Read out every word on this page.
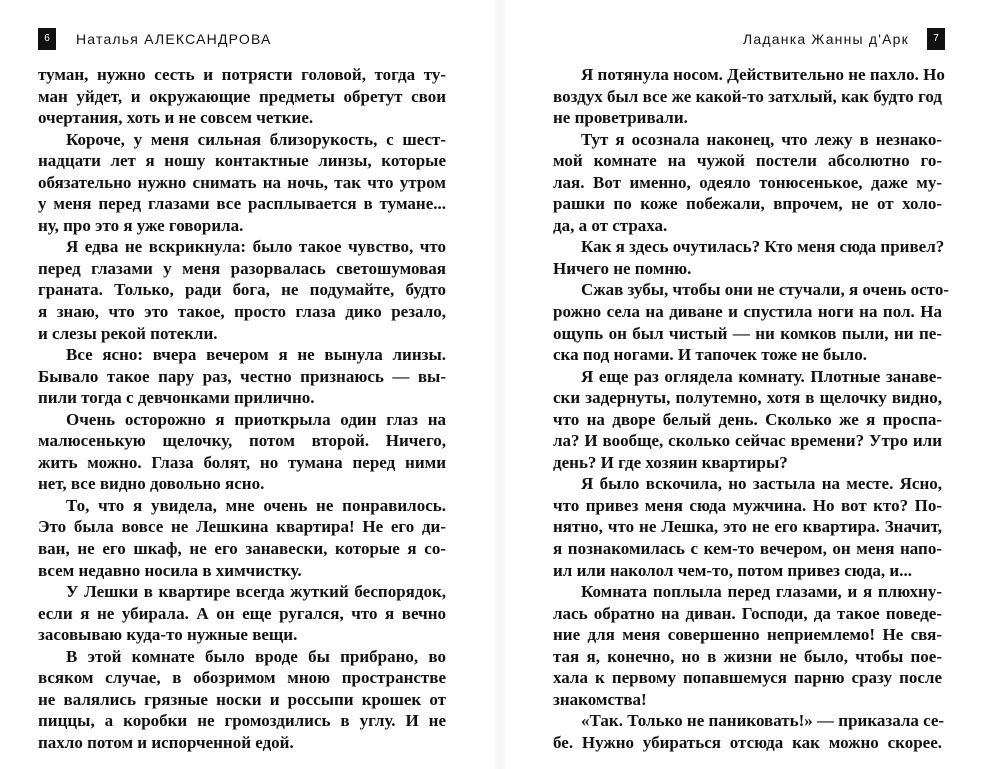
6	Наталья АЛЕКСАНДРОВА	Ладанка Жанны д'Арк	7
туман, нужно сесть и потрясти головой, тогда ту-
ман уйдет, и окружающие предметы обретут свои
очертания, хоть и не совсем четкие.
Короче, у меня сильная близорукость, с шест-
надцати лет я ношу контактные линзы, которые
обязательно нужно снимать на ночь, так что утром
у меня перед глазами все расплывается в тумане...
ну, про это я уже говорила.
Я едва не вскрикнула: было такое чувство, что
перед глазами у меня разорвалась светошумовая
граната. Только, ради бога, не подумайте, будто
я знаю, что это такое, просто глаза дико резало,
и слезы рекой потекли.
Все ясно: вчера вечером я не вынула линзы.
Бывало такое пару раз, честно признаюсь — вы-
пили тогда с девчонками прилично.
Очень осторожно я приоткрыла один глаз на
малюсенькую щелочку, потом второй. Ничего,
жить можно. Глаза болят, но тумана перед ними
нет, все видно довольно ясно.
То, что я увидела, мне очень не понравилось.
Это была вовсе не Лешкина квартира! Не его ди-
ван, не его шкаф, не его занавески, которые я со-
всем недавно носила в химчистку.
У Лешки в квартире всегда жуткий беспорядок,
если я не убирала. А он еще ругался, что я вечно
засовываю куда-то нужные вещи.
В этой комнате было вроде бы прибрано, во
всяком случае, в обозримом мною пространстве
не валялись грязные носки и россыпи крошек от
пиццы, а коробки не громоздились в углу. И не
пахло потом и испорченной едой.
Я потянула носом. Действительно не пахло. Но
воздух был все же какой-то затхлый, как будто год
не проветривали.
Тут я осознала наконец, что лежу в незнако-
мой комнате на чужой постели абсолютно го-
лая. Вот именно, одеяло тонюсенькое, даже му-
рашки по коже побежали, впрочем, не от холо-
да, а от страха.
Как я здесь очутилась? Кто меня сюда привел?
Ничего не помню.
Сжав зубы, чтобы они не стучали, я очень осто-
рожно села на диване и спустила ноги на пол. На
ощупь он был чистый — ни комков пыли, ни пе-
ска под ногами. И тапочек тоже не было.
Я еще раз оглядела комнату. Плотные занаве-
ски задернуты, полутемно, хотя в щелочку видно,
что на дворе белый день. Сколько же я проспа-
ла? И вообще, сколько сейчас времени? Утро или
день? И где хозяин квартиры?
Я было вскочила, но застыла на месте. Ясно,
что привез меня сюда мужчина. Но вот кто? По-
нятно, что не Лешка, это не его квартира. Значит,
я познакомилась с кем-то вечером, он меня напо-
ил или наколол чем-то, потом привез сюда, и...
Комната поплыла перед глазами, и я плюхну-
лась обратно на диван. Господи, да такое поведе-
ние для меня совершенно неприемлемо! Не свя-
тая я, конечно, но в жизни не было, чтобы пое-
хала к первому попавшемуся парню сразу после
знакомства!
«Так. Только не паниковать!» — приказала се-
бе. Нужно убираться отсюда как можно скорее.
